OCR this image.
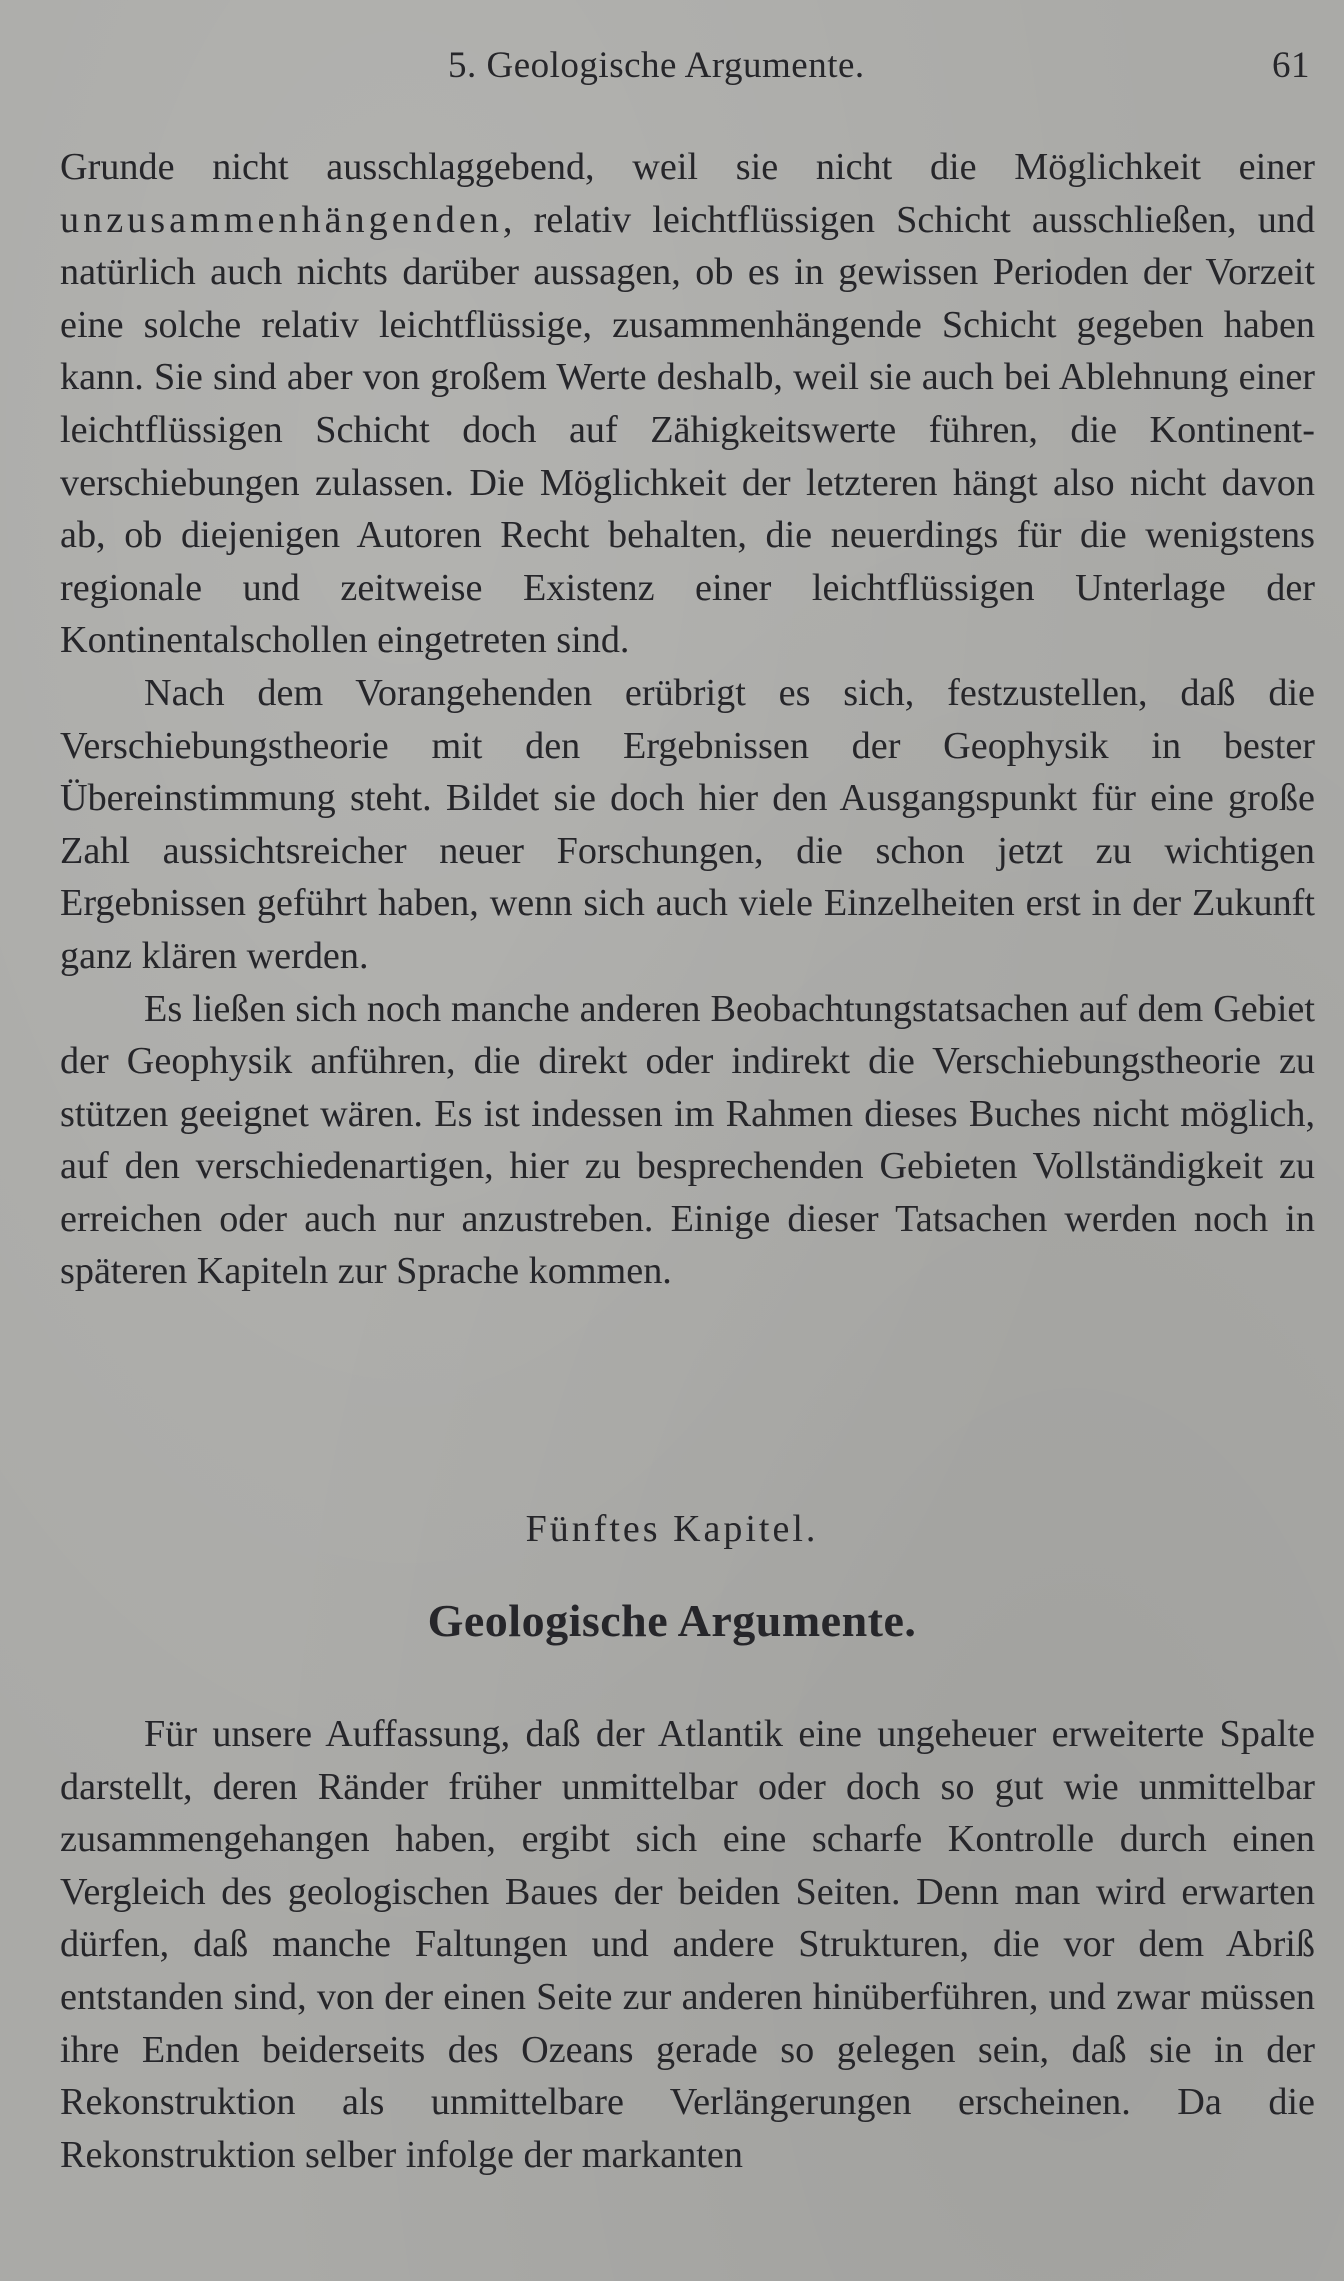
5. Geologische Argumente.	61

Grunde nicht ausschlaggebend, weil sie nicht die Möglichkeit einer unzusammenhängenden, relativ leichtflüssigen Schicht ausschließen, und natürlich auch nichts darüber aussagen, ob es in gewissen Perioden der Vorzeit eine solche relativ leichtflüssige, zusammenhängende Schicht gegeben haben kann. Sie sind aber von großem Werte deshalb, weil sie auch bei Ablehnung einer leichtflüssigen Schicht doch auf Zähigkeitswerte führen, die Kontinentverschiebungen zulassen. Die Möglichkeit der letzteren hängt also nicht davon ab, ob diejenigen Autoren Recht behalten, die neuerdings für die wenigstens regionale und zeitweise Existenz einer leichtflüssigen Unterlage der Kontinentalschollen eingetreten sind.

Nach dem Vorangehenden erübrigt es sich, festzustellen, daß die Verschiebungstheorie mit den Ergebnissen der Geophysik in bester Übereinstimmung steht. Bildet sie doch hier den Ausgangspunkt für eine große Zahl aussichtsreicher neuer Forschungen, die schon jetzt zu wichtigen Ergebnissen geführt haben, wenn sich auch viele Einzelheiten erst in der Zukunft ganz klären werden.

Es ließen sich noch manche anderen Beobachtungstatsachen auf dem Gebiet der Geophysik anführen, die direkt oder indirekt die Verschiebungstheorie zu stützen geeignet wären. Es ist indessen im Rahmen dieses Buches nicht möglich, auf den verschiedenartigen, hier zu besprechenden Gebieten Vollständigkeit zu erreichen oder auch nur anzustreben. Einige dieser Tatsachen werden noch in späteren Kapiteln zur Sprache kommen.

Fünftes Kapitel.
Geologische Argumente.

Für unsere Auffassung, daß der Atlantik eine ungeheuer erweiterte Spalte darstellt, deren Ränder früher unmittelbar oder doch so gut wie unmittelbar zusammengehangen haben, ergibt sich eine scharfe Kontrolle durch einen Vergleich des geologischen Baues der beiden Seiten. Denn man wird erwarten dürfen, daß manche Faltungen und andere Strukturen, die vor dem Abriß entstanden sind, von der einen Seite zur anderen hinüberführen, und zwar müssen ihre Enden beiderseits des Ozeans gerade so gelegen sein, daß sie in der Rekonstruktion als unmittelbare Verlängerungen erscheinen. Da die Rekonstruktion selber infolge der markanten
